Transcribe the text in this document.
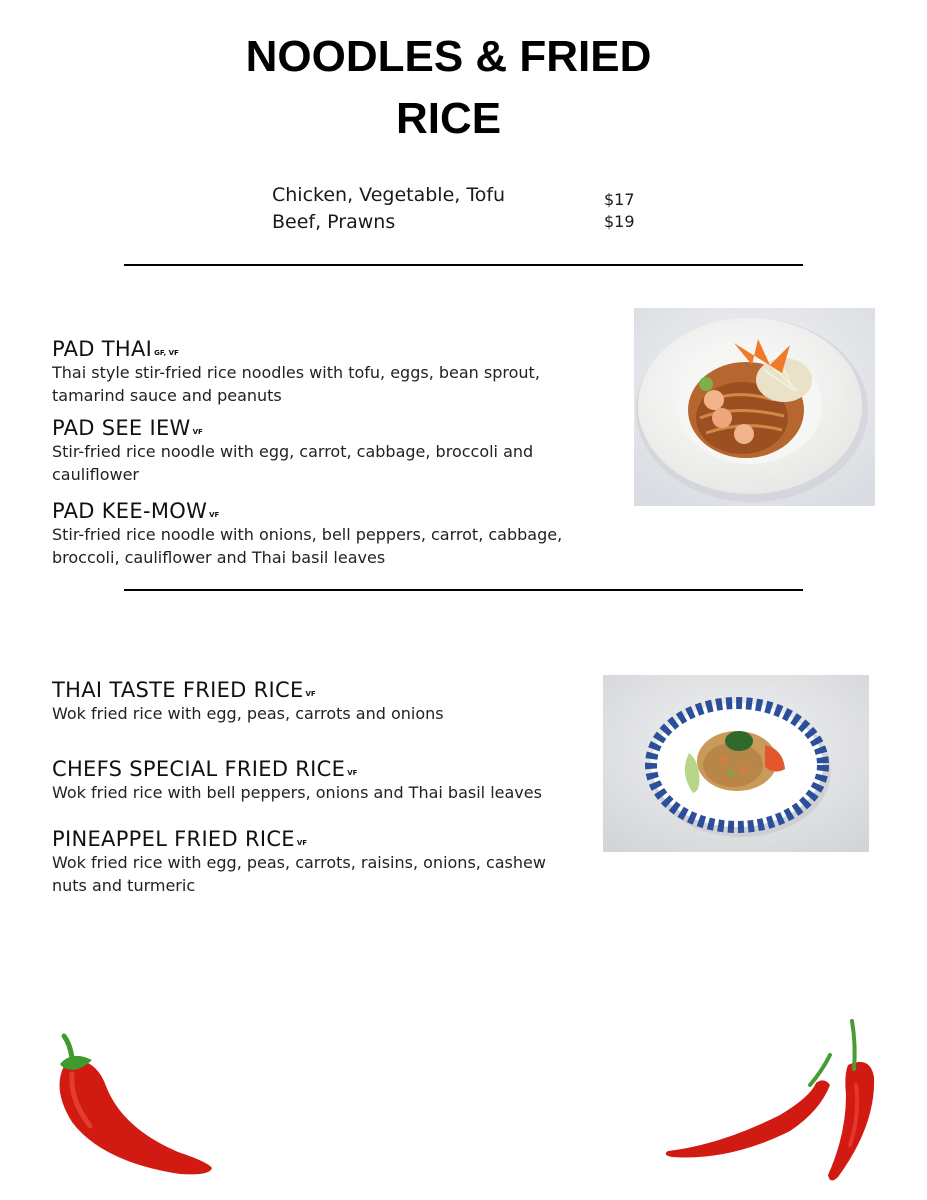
NOODLES & FRIED
RICE
Chicken, Vegetable, Tofu	$17
Beef, Prawns	$19
PAD THAI GF, VF
Thai style stir-fried rice noodles with tofu, eggs, bean sprout, tamarind sauce and peanuts
PAD SEE IEW VF
Stir-fried rice noodle with egg, carrot, cabbage, broccoli and cauliflower
PAD KEE-MOW VF
Stir-fried rice noodle with onions, bell peppers, carrot, cabbage, broccoli, cauliflower and Thai basil leaves
THAI TASTE FRIED RICE VF
Wok fried rice with egg, peas, carrots and onions
CHEFS SPECIAL FRIED RICE VF
Wok fried rice with bell peppers, onions and Thai basil leaves
PINEAPPEL FRIED RICE VF
Wok fried rice with egg, peas, carrots, raisins, onions, cashew nuts and turmeric
